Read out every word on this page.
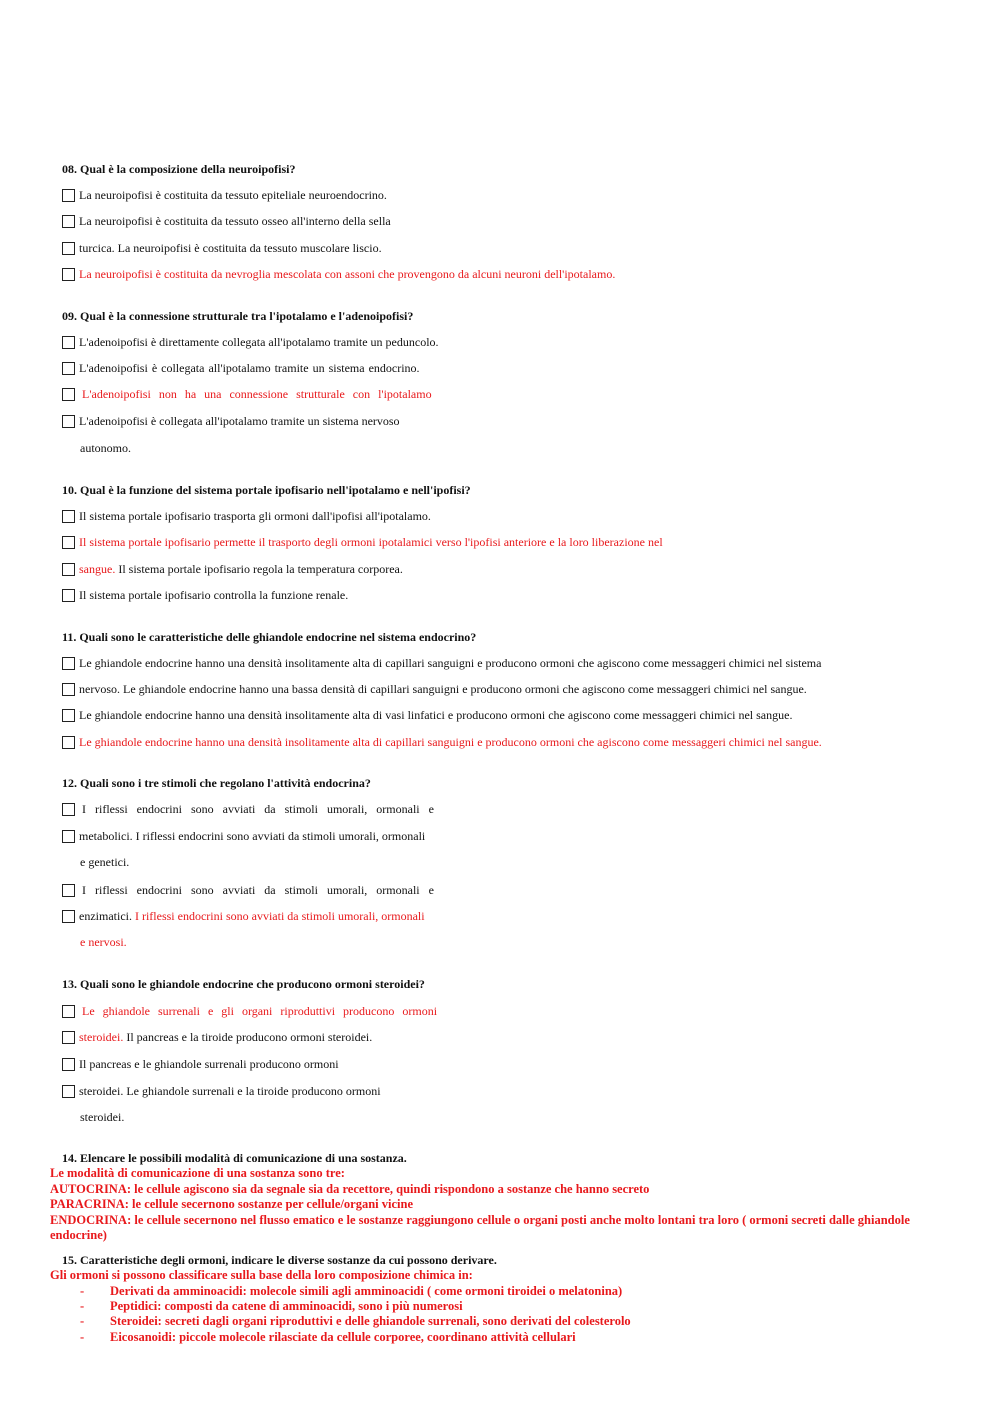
08. Qual è la composizione della neuroipofisi?
La neuroipofisi è costituita da tessuto epiteliale neuroendocrino.
La neuroipofisi è costituita da tessuto osseo all'interno della sella
turcica. La neuroipofisi è costituita da tessuto muscolare liscio.
La neuroipofisi è costituita da nevroglia mescolata con assoni che provengono da alcuni neuroni dell'ipotalamo.
09. Qual è la connessione strutturale tra l'ipotalamo e l'adenoipofisi?
L'adenoipofisi è direttamente collegata all'ipotalamo tramite un peduncolo.
L'adenoipofisi è collegata all'ipotalamo tramite un sistema endocrino.
L'adenoipofisi non ha una connessione strutturale con l'ipotalamo
L'adenoipofisi è collegata all'ipotalamo tramite un sistema nervoso
autonomo.
10. Qual è la funzione del sistema portale ipofisario nell'ipotalamo e nell'ipofisi?
Il sistema portale ipofisario trasporta gli ormoni dall'ipofisi all'ipotalamo.
Il sistema portale ipofisario permette il trasporto degli ormoni ipotalamici verso l'ipofisi anteriore e la loro liberazione nel
sangue. Il sistema portale ipofisario regola la temperatura corporea.
Il sistema portale ipofisario controlla la funzione renale.
11. Quali sono le caratteristiche delle ghiandole endocrine nel sistema endocrino?
Le ghiandole endocrine hanno una densità insolitamente alta di capillari sanguigni e producono ormoni che agiscono come messaggeri chimici nel sistema
nervoso. Le ghiandole endocrine hanno una bassa densità di capillari sanguigni e producono ormoni che agiscono come messaggeri chimici nel sangue.
Le ghiandole endocrine hanno una densità insolitamente alta di vasi linfatici e producono ormoni che agiscono come messaggeri chimici nel sangue.
Le ghiandole endocrine hanno una densità insolitamente alta di capillari sanguigni e producono ormoni che agiscono come messaggeri chimici nel sangue.
12. Quali sono i tre stimoli che regolano l'attività endocrina?
I riflessi endocrini sono avviati da stimoli umorali, ormonali e
metabolici. I riflessi endocrini sono avviati da stimoli umorali, ormonali
e genetici.
I riflessi endocrini sono avviati da stimoli umorali, ormonali e
enzimatici. I riflessi endocrini sono avviati da stimoli umorali, ormonali
e nervosi.
13. Quali sono le ghiandole endocrine che producono ormoni steroidei?
Le ghiandole surrenali e gli organi riproduttivi producono ormoni
steroidei. Il pancreas e la tiroide producono ormoni steroidei.
Il pancreas e le ghiandole surrenali producono ormoni
steroidei. Le ghiandole surrenali e la tiroide producono ormoni
steroidei.
14. Elencare le possibili modalità di comunicazione di una sostanza.
Le modalità di comunicazione di una sostanza sono tre:
AUTOCRINA: le cellule agiscono sia da segnale sia da recettore, quindi rispondono a sostanze che hanno secreto
PARACRINA: le cellule secernono sostanze per cellule/organi vicine
ENDOCRINA: le cellule secernono nel flusso ematico e le sostanze raggiungono cellule o organi posti anche molto lontani tra loro ( ormoni secreti dalle ghiandole
endocrine)
15. Caratteristiche degli ormoni, indicare le diverse sostanze da cui possono derivare.
Gli ormoni si possono classificare sulla base della loro composizione chimica in:
- Derivati da amminoacidi: molecole simili agli amminoacidi ( come ormoni tiroidei o melatonina)
- Peptidici: composti da catene di amminoacidi, sono i più numerosi
- Steroidei: secreti dagli organi riproduttivi e delle ghiandole surrenali, sono derivati del colesterolo
- Eicosanoidi: piccole molecole rilasciate da cellule corporee, coordinano attività cellulari
